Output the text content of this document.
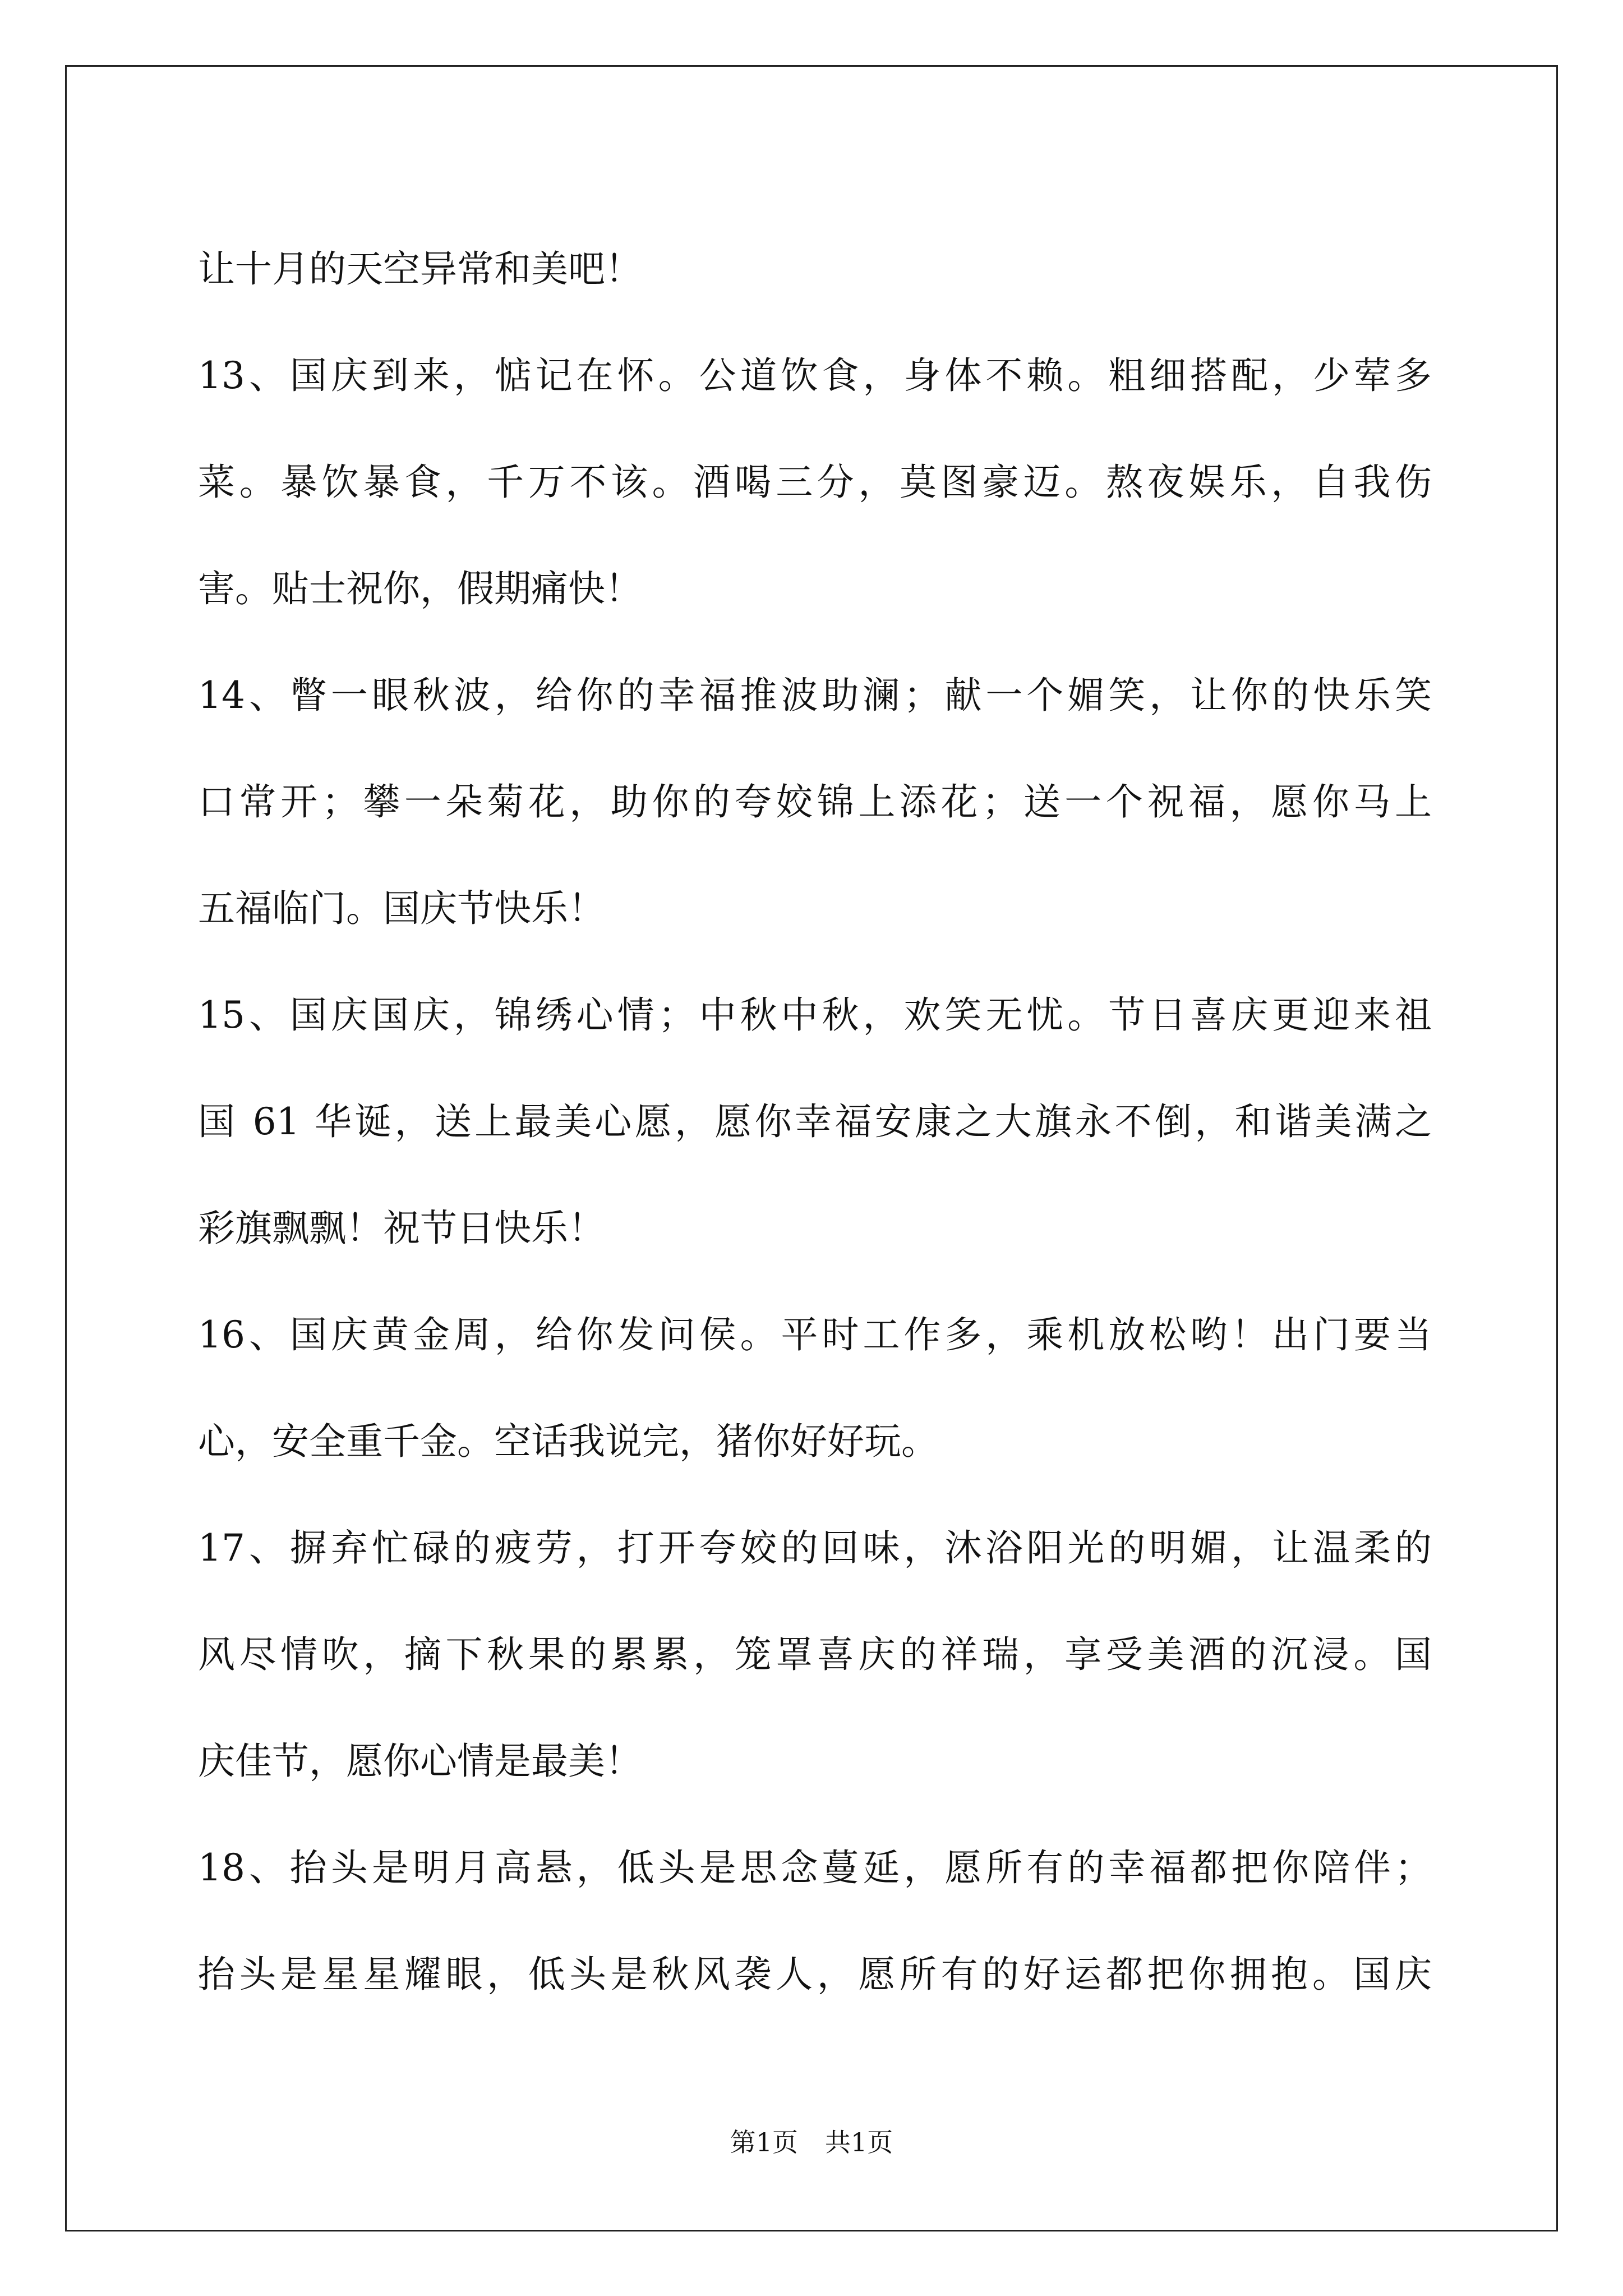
让十月的天空异常和美吧！
13、国庆到来，惦记在怀。公道饮食，身体不赖。粗细搭配，少荤多
菜。暴饮暴食，千万不该。酒喝三分，莫图豪迈。熬夜娱乐，自我伤
害。贴士祝你，假期痛快！
14、瞥一眼秋波，给你的幸福推波助澜；献一个媚笑，让你的快乐笑
口常开；攀一朵菊花，助你的夸姣锦上添花；送一个祝福，愿你马上
五福临门。国庆节快乐！
15、国庆国庆，锦绣心情；中秋中秋，欢笑无忧。节日喜庆更迎来祖
国 61 华诞，送上最美心愿，愿你幸福安康之大旗永不倒，和谐美满之
彩旗飘飘！祝节日快乐！
16、国庆黄金周，给你发问侯。平时工作多，乘机放松哟！出门要当
心，安全重千金。空话我说完，猪你好好玩。
17、摒弃忙碌的疲劳，打开夸姣的回味，沐浴阳光的明媚，让温柔的
风尽情吹，摘下秋果的累累，笼罩喜庆的祥瑞，享受美酒的沉浸。国
庆佳节，愿你心情是最美！
18、抬头是明月高悬，低头是思念蔓延，愿所有的幸福都把你陪伴；
抬头是星星耀眼，低头是秋风袭人，愿所有的好运都把你拥抱。国庆
第1页 共1页
